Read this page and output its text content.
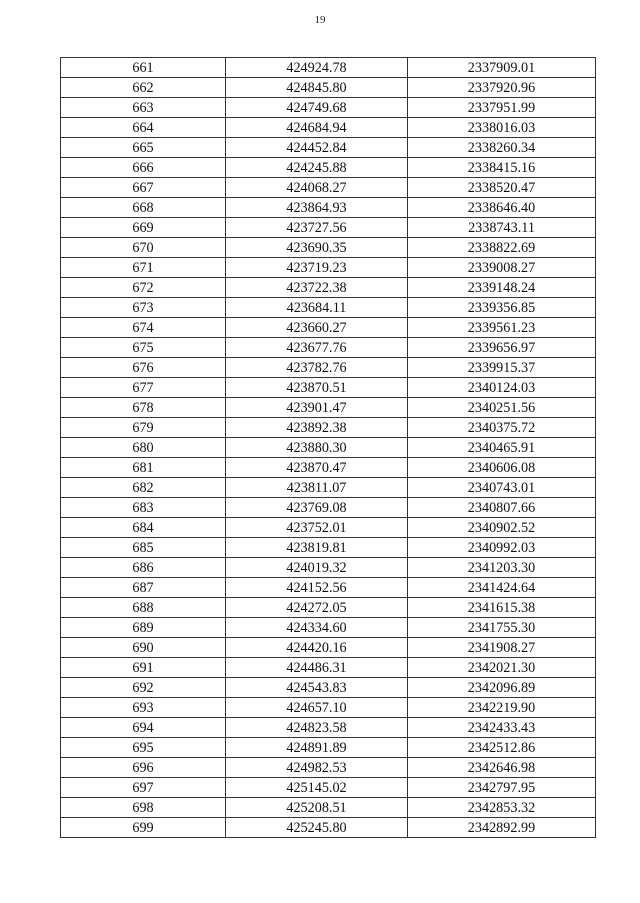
19
661	424924.78	2337909.01
662	424845.80	2337920.96
663	424749.68	2337951.99
664	424684.94	2338016.03
665	424452.84	2338260.34
666	424245.88	2338415.16
667	424068.27	2338520.47
668	423864.93	2338646.40
669	423727.56	2338743.11
670	423690.35	2338822.69
671	423719.23	2339008.27
672	423722.38	2339148.24
673	423684.11	2339356.85
674	423660.27	2339561.23
675	423677.76	2339656.97
676	423782.76	2339915.37
677	423870.51	2340124.03
678	423901.47	2340251.56
679	423892.38	2340375.72
680	423880.30	2340465.91
681	423870.47	2340606.08
682	423811.07	2340743.01
683	423769.08	2340807.66
684	423752.01	2340902.52
685	423819.81	2340992.03
686	424019.32	2341203.30
687	424152.56	2341424.64
688	424272.05	2341615.38
689	424334.60	2341755.30
690	424420.16	2341908.27
691	424486.31	2342021.30
692	424543.83	2342096.89
693	424657.10	2342219.90
694	424823.58	2342433.43
695	424891.89	2342512.86
696	424982.53	2342646.98
697	425145.02	2342797.95
698	425208.51	2342853.32
699	425245.80	2342892.99
